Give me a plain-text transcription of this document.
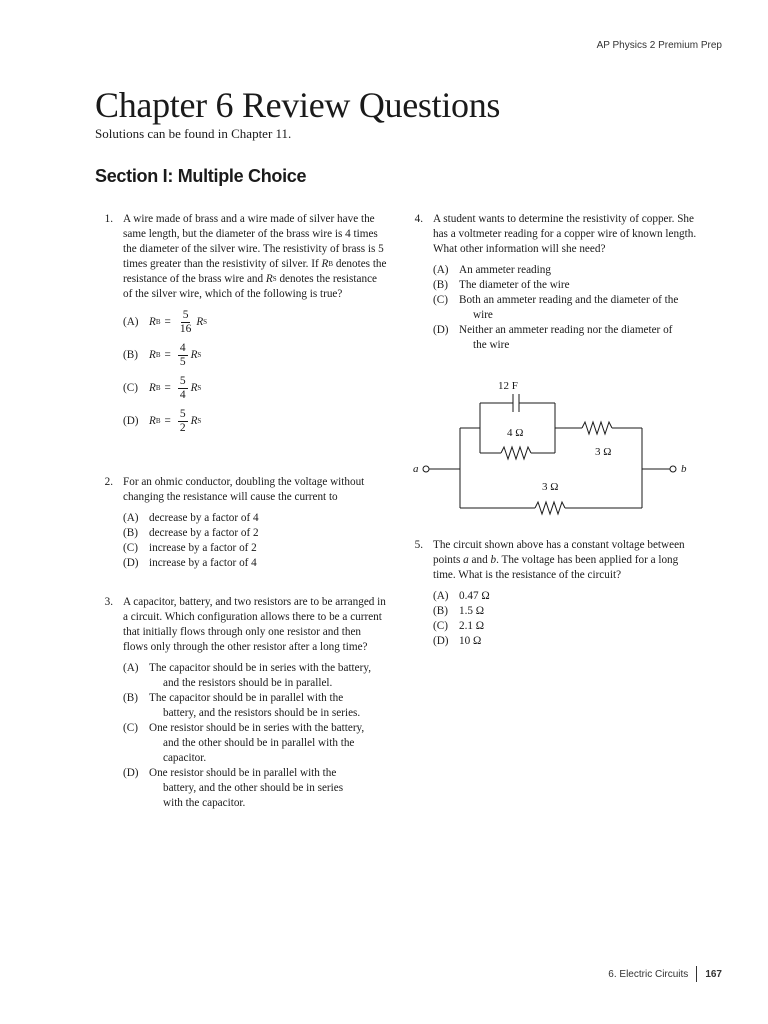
AP Physics 2 Premium Prep
Chapter 6 Review Questions
Solutions can be found in Chapter 11.
Section I: Multiple Choice
1. A wire made of brass and a wire made of silver have the same length, but the diameter of the brass wire is 4 times the diameter of the silver wire. The resistivity of brass is 5 times greater than the resistivity of silver. If R B denotes the resistance of the brass wire and R S denotes the resistance of the silver wire, which of the following is true?
(A) R $B = \frac{5}{16}$ R S
(B) R $B = \frac{4}{5}$ R S
(C) R $B = \frac{5}{4}$ R S
(D) R $B = \frac{5}{2}$ R S
2. For an ohmic conductor, doubling the voltage without changing the resistance will cause the current to
(A) decrease by a factor of 4
(B) decrease by a factor of 2
(C) increase by a factor of 2
(D) increase by a factor of 4
3. A capacitor, battery, and two resistors are to be arranged in a circuit. Which configuration allows there to be a current that initially flows through only one resistor and then flows only through the other resistor after a long time?
(A) The capacitor should be in series with the battery,
and the resistors should be in parallel.
(B) The capacitor should be in parallel with the
battery, and the resistors should be in series.
(C) One resistor should be in series with the battery,
and the other should be in parallel with the capacitor.
(D) One resistor should be in parallel with the
battery, and the other should be in series with the capacitor.
4. A student wants to determine the resistivity of copper. She has a voltmeter reading for a copper wire of known length. What other information will she need?
(A) An ammeter reading
(B) The diameter of the wire
(C) Both an ammeter reading and the diameter of the
wire
(D) Neither an ammeter reading nor the diameter of
the wire
12 F
4 Ω
3 Ω
3 Ω
a	b
5. The circuit shown above has a constant voltage between points a and b. The voltage has been applied for a long time. What is the resistance of the circuit?
(A) 0.47 Ω
(B) 1.5 Ω
(C) 2.1 Ω
(D) 10 Ω
6. Electric Circuits 167
